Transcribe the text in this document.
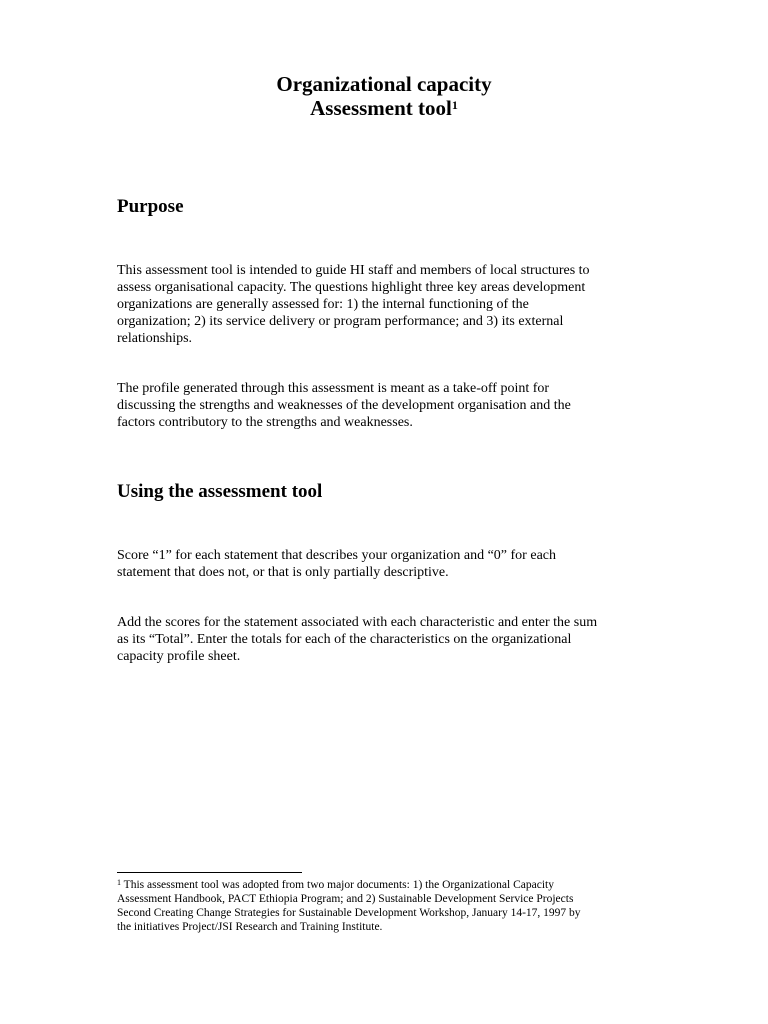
Organizational capacity
Assessment tool$^1$
Purpose

This assessment tool is intended to guide HI staff and members of local structures to
assess organisational capacity. The questions highlight three key areas development
organizations are generally assessed for: 1) the internal functioning of the
organization; 2) its service delivery or program performance; and 3) its external
relationships.

The profile generated through this assessment is meant as a take-off point for
discussing the strengths and weaknesses of the development organisation and the
factors contributory to the strengths and weaknesses.

Using the assessment tool

Score “1” for each statement that describes your organization and “0” for each
statement that does not, or that is only partially descriptive.

Add the scores for the statement associated with each characteristic and enter the sum
as its “Total”. Enter the totals for each of the characteristics on the organizational
capacity profile sheet.

$^1$ This assessment tool was adopted from two major documents: 1) the Organizational Capacity
Assessment Handbook, PACT Ethiopia Program; and 2) Sustainable Development Service Projects
Second Creating Change Strategies for Sustainable Development Workshop, January 14-17, 1997 by
the initiatives Project/JSI Research and Training Institute.
